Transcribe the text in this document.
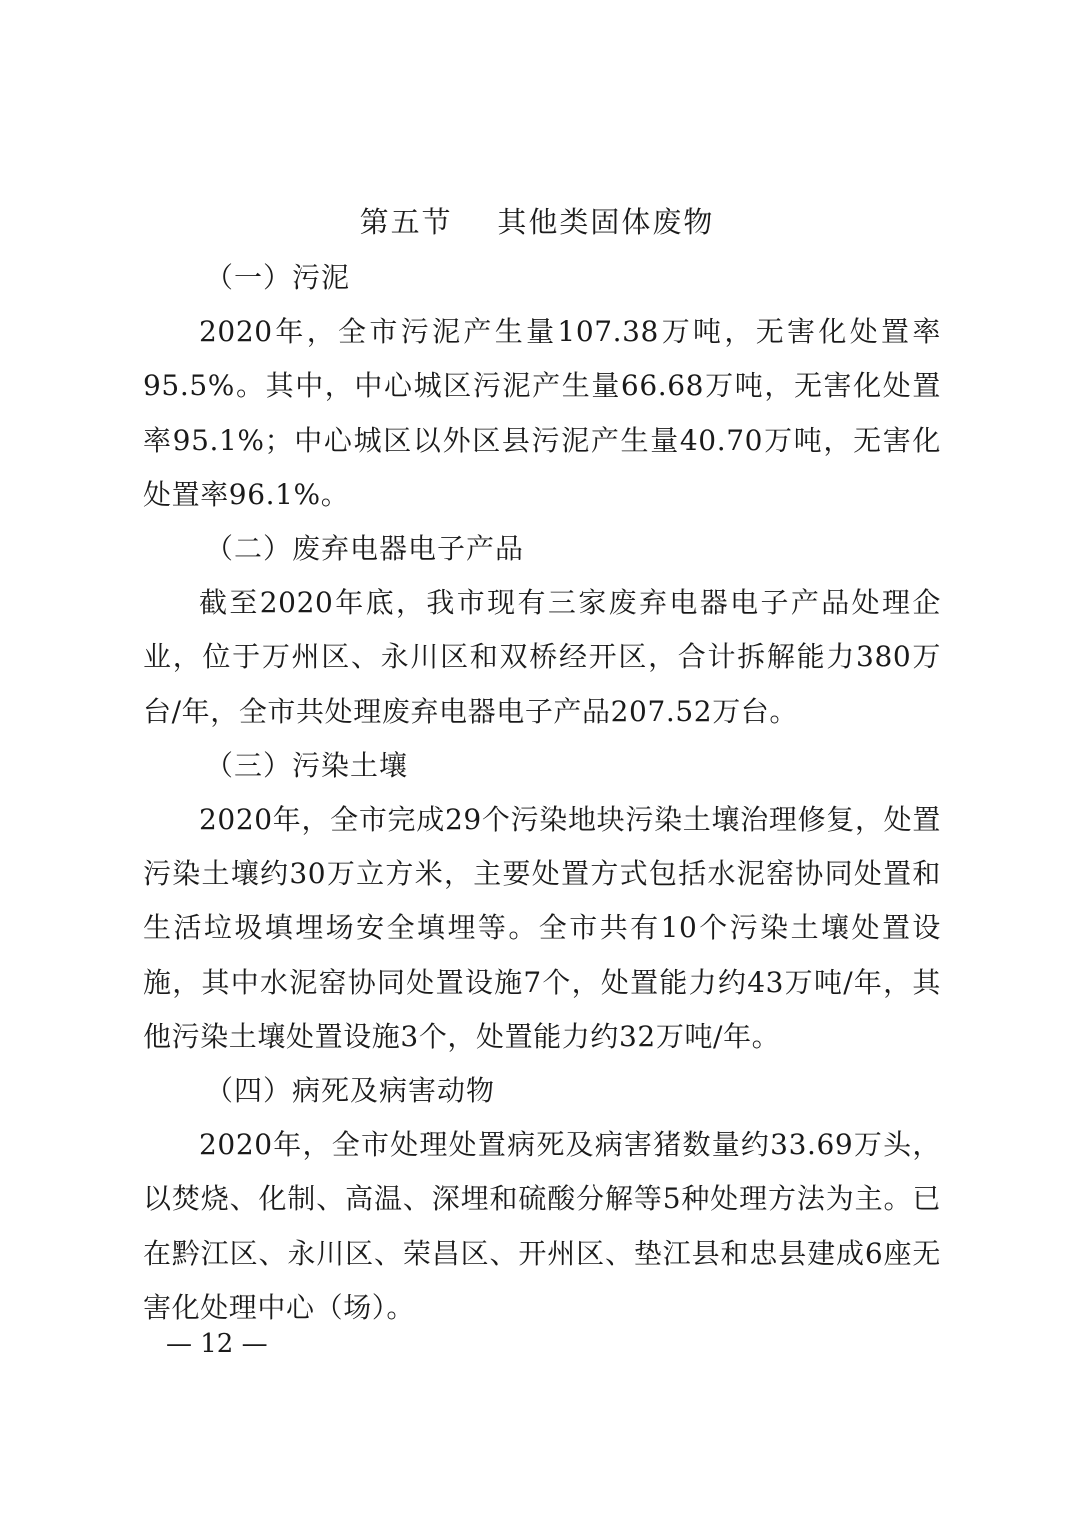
第五节    其他类固体废物

（一）污泥

2020年，全市污泥产生量107.38万吨，无害化处置率95.5%。其中，中心城区污泥产生量66.68万吨，无害化处置率95.1%；中心城区以外区县污泥产生量40.70万吨，无害化处置率96.1%。

（二）废弃电器电子产品

截至2020年底，我市现有三家废弃电器电子产品处理企业，位于万州区、永川区和双桥经开区，合计拆解能力380万台/年，全市共处理废弃电器电子产品207.52万台。

（三）污染土壤

2020年，全市完成29个污染地块污染土壤治理修复，处置污染土壤约30万立方米，主要处置方式包括水泥窑协同处置和生活垃圾填埋场安全填埋等。全市共有10个污染土壤处置设施，其中水泥窑协同处置设施7个，处置能力约43万吨/年，其他污染土壤处置设施3个，处置能力约32万吨/年。

（四）病死及病害动物

2020年，全市处理处置病死及病害猪数量约33.69万头，以焚烧、化制、高温、深埋和硫酸分解等5种处理方法为主。已在黔江区、永川区、荣昌区、开州区、垫江县和忠县建成6座无害化处理中心（场）。

— 12 —
